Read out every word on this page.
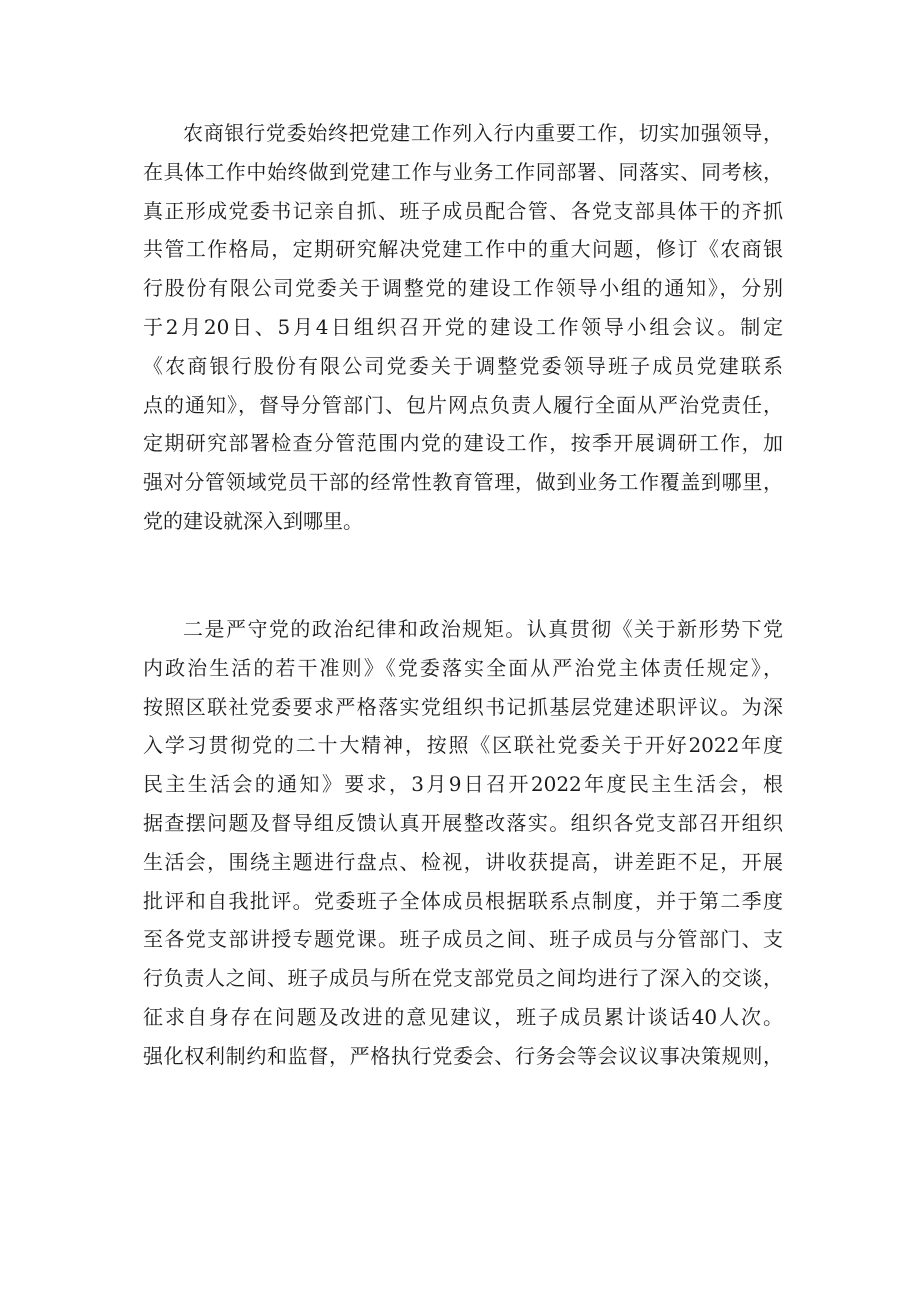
农商银行党委始终把党建工作列入行内重要工作，切实加强领导，
在具体工作中始终做到党建工作与业务工作同部署、同落实、同考核，
真正形成党委书记亲自抓、班子成员配合管、各党支部具体干的齐抓
共管工作格局，定期研究解决党建工作中的重大问题，修订《农商银
行股份有限公司党委关于调整党的建设工作领导小组的通知》，分别
于2月20日、5月4日组织召开党的建设工作领导小组会议。制定
《农商银行股份有限公司党委关于调整党委领导班子成员党建联系
点的通知》，督导分管部门、包片网点负责人履行全面从严治党责任，
定期研究部署检查分管范围内党的建设工作，按季开展调研工作，加
强对分管领域党员干部的经常性教育管理，做到业务工作覆盖到哪里，
党的建设就深入到哪里。
二是严守党的政治纪律和政治规矩。认真贯彻《关于新形势下党
内政治生活的若干准则》《党委落实全面从严治党主体责任规定》，
按照区联社党委要求严格落实党组织书记抓基层党建述职评议。为深
入学习贯彻党的二十大精神，按照《区联社党委关于开好2022年度
民主生活会的通知》要求，3月9日召开2022年度民主生活会，根
据查摆问题及督导组反馈认真开展整改落实。组织各党支部召开组织
生活会，围绕主题进行盘点、检视，讲收获提高，讲差距不足，开展
批评和自我批评。党委班子全体成员根据联系点制度，并于第二季度
至各党支部讲授专题党课。班子成员之间、班子成员与分管部门、支
行负责人之间、班子成员与所在党支部党员之间均进行了深入的交谈，
征求自身存在问题及改进的意见建议，班子成员累计谈话40人次。
强化权利制约和监督，严格执行党委会、行务会等会议议事决策规则，
